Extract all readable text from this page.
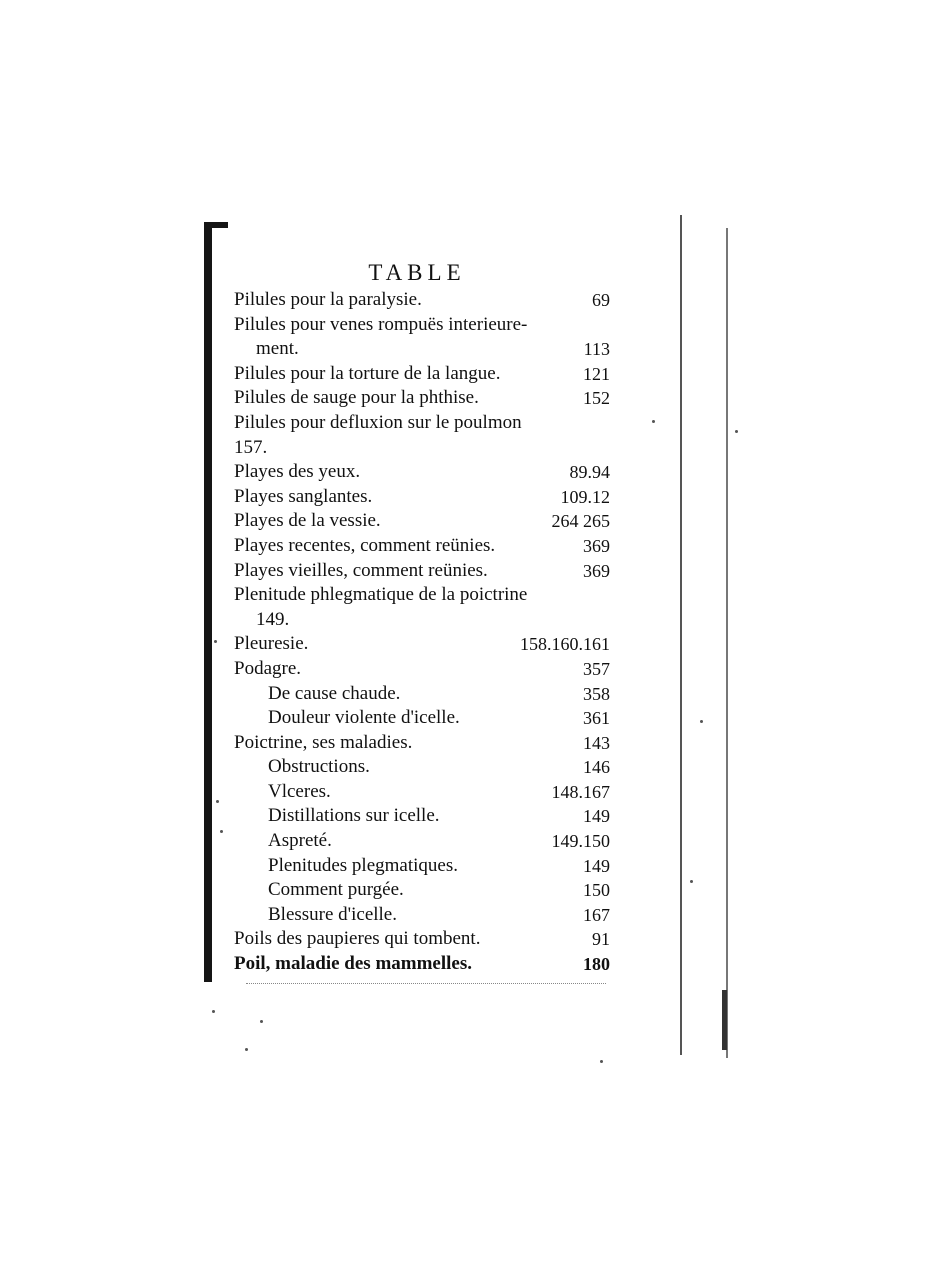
TABLE
Pilules pour la paralysie.	69
Pilules pour venes rompuës interieure-
ment.	113
Pilules pour la torture de la langue.	121
Pilules de sauge pour la phthise.	152
Pilules pour defluxion sur le poulmon
157.
Playes des yeux.	89.94
Playes sanglantes.	109.12
Playes de la vessie.	264 265
Playes recentes, comment reünies.	369
Playes vieilles, comment reünies.	369
Plenitude phlegmatique de la poictrine
149.
Pleuresie.	158.160.161
Podagre.	357
De cause chaude.	358
Douleur violente d'icelle.	361
Poictrine, ses maladies.	143
Obstructions.	146
Vlceres.	148.167
Distillations sur icelle.	149
Aspreté.	149.150
Plenitudes plegmatiques.	149
Comment purgée.	150
Blessure d'icelle.	167
Poils des paupieres qui tombent.	91
Poil, maladie des mammelles.	180
